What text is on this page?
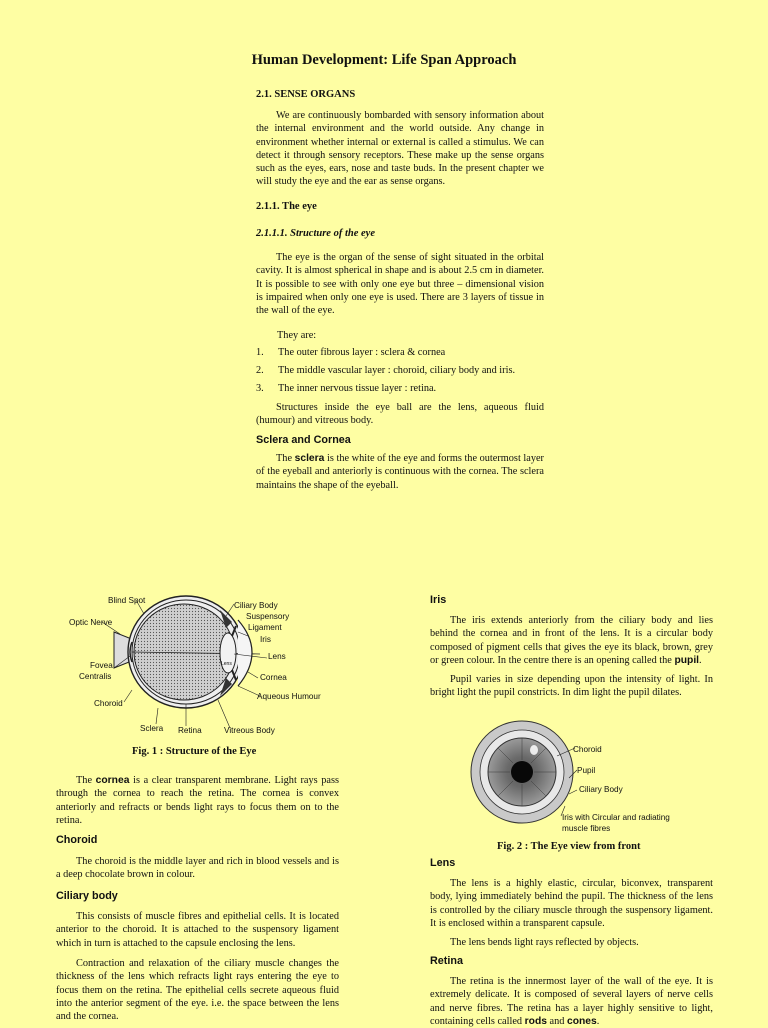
Human Development: Life Span Approach
2.1. SENSE ORGANS

We are continuously bombarded with sensory information about the internal environment and the world outside. Any change in environment whether internal or external is called a stimulus. We can detect it through sensory receptors. These make up the sense organs such as the eyes, ears, nose and taste buds. In the present chapter we will study the eye and the ear as sense organs.

2.1.1. The eye
2.1.1.1. Structure of the eye

The eye is the organ of the sense of sight situated in the orbital cavity. It is almost spherical in shape and is about 2.5 cm in diameter. It is possible to see with only one eye but three – dimensional vision is impaired when only one eye is used. There are 3 layers of tissue in the wall of the eye.

They are:

1. The outer fibrous layer : sclera & cornea

2. The middle vascular layer : choroid, ciliary body and iris.

3. The inner nervous tissue layer : retina.

Structures inside the eye ball are the lens, aqueous fluid (humour) and vitreous body.

Sclera and Cornea

The sclera is the white of the eye and forms the outermost layer of the eyeball and anteriorly is continuous with the cornea. The sclera maintains the shape of the eyeball.

Blind Spot
Ciliary Body
Suspensory
Ligament
Optic Nerve
Iris
Lens
Lens
Fovea
Centralis	Cornea
Aqueous Humour
Choroid
Sclera Retina	Vitreous Body
Fig. 1 : Structure of the Eye

The cornea is a clear transparent membrane. Light rays pass through the cornea to reach the retina. The cornea is convex anteriorly and refracts or bends light rays to focus them on to the retina.

Choroid

The choroid is the middle layer and rich in blood vessels and is a deep chocolate brown in colour.

Ciliary body

This consists of muscle fibres and epithelial cells. It is located anterior to the choroid. It is attached to the suspensory ligament which in turn is attached to the capsule enclosing the lens.

Contraction and relaxation of the ciliary muscle changes the thickness of the lens which refracts light rays entering the eye to focus them on the retina. The epithelial cells secrete aqueous fluid into the anterior segment of the eye. i.e. the space between the lens and the cornea.

Iris

The iris extends anteriorly from the ciliary body and lies behind the cornea and in front of the lens. It is a circular body composed of pigment cells that gives the eye its black, brown, grey or green colour. In the centre there is an opening called the pupil.

Pupil varies in size depending upon the intensity of light. In bright light the pupil constricts. In dim light the pupil dilates.

Choroid
Pupil
Ciliary Body
Iris with Circular and radiating
muscle fibres
Fig. 2 : The Eye view from front
Lens

The lens is a highly elastic, circular, biconvex, transparent body, lying immediately behind the pupil. The thickness of the lens is controlled by the ciliary muscle through the suspensory ligament. It is enclosed within a transparent capsule.

The lens bends light rays reflected by objects.

Retina

The retina is the innermost layer of the wall of the eye. It is extremely delicate. It is composed of several layers of nerve cells and nerve fibres. The retina has a layer highly sensitive to light, containing cells called rods and cones.
